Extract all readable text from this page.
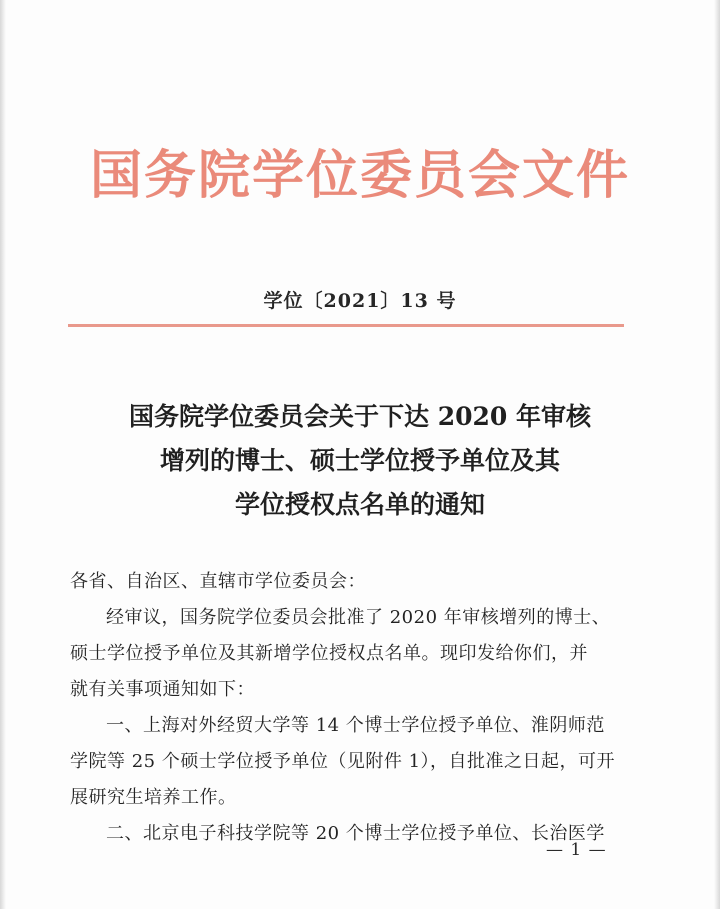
国务院学位委员会文件
学位〔2021〕13 号
国务院学位委员会关于下达 2020 年审核
增列的博士、硕士学位授予单位及其
学位授权点名单的通知
各省、自治区、直辖市学位委员会：
经审议，国务院学位委员会批准了 2020 年审核增列的博士、
硕士学位授予单位及其新增学位授权点名单。现印发给你们，并
就有关事项通知如下：
一、上海对外经贸大学等 14 个博士学位授予单位、淮阴师范
学院等 25 个硕士学位授予单位（见附件 1），自批准之日起，可开
展研究生培养工作。
二、北京电子科技学院等 20 个博士学位授予单位、长治医学
— 1 —
